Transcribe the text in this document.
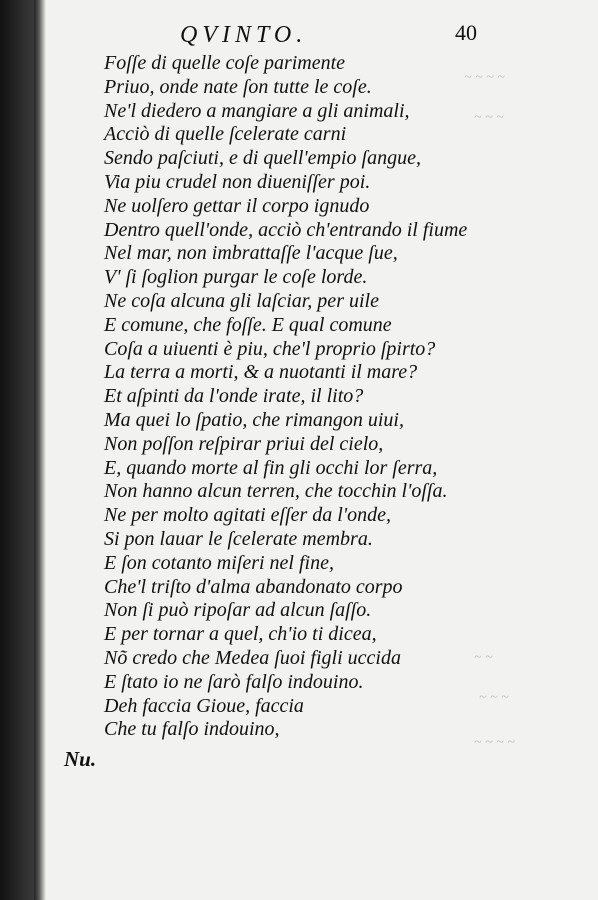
~ ~ ~ ~
~ ~ ~
~ ~
~ ~ ~
~ ~ ~ ~
QVINTO.	40
Foſſe di quelle coſe parimente
Priuo, onde nate ſon tutte le coſe.
Ne'l diedero a mangiare a gli animali,
Acciò di quelle ſcelerate carni
Sendo paſciuti, e di quell'empio ſangue,
Via piu crudel non diueniſſer poi.
Ne uolſero gettar il corpo ignudo
Dentro quell'onde, acciò ch'entrando il fiume
Nel mar, non imbrattaſſe l'acque ſue,
V' ſi ſoglion purgar le coſe lorde.
Ne coſa alcuna gli laſciar, per uile
E comune, che foſſe. E qual comune
Coſa a uiuenti è piu, che'l proprio ſpirto?
La terra a morti, & a nuotanti il mare?
Et aſpinti da l'onde irate, il lito?
Ma quei lo ſpatio, che rimangon uiui,
Non poſſon reſpirar priui del cielo,
E, quando morte al fin gli occhi lor ſerra,
Non hanno alcun terren, che tocchin l'oſſa.
Ne per molto agitati eſſer da l'onde,
Si pon lauar le ſcelerate membra.
E ſon cotanto miſeri nel fine,
Che'l triſto d'alma abandonato corpo
Non ſi può ripoſar ad alcun ſaſſo.
E per tornar a quel, ch'io ti dicea,
Nõ credo che Medea ſuoi figli uccida
E ſtato io ne ſarò falſo indouino.
Deh faccia Gioue, faccia
Che tu falſo indouino,
Nu.
